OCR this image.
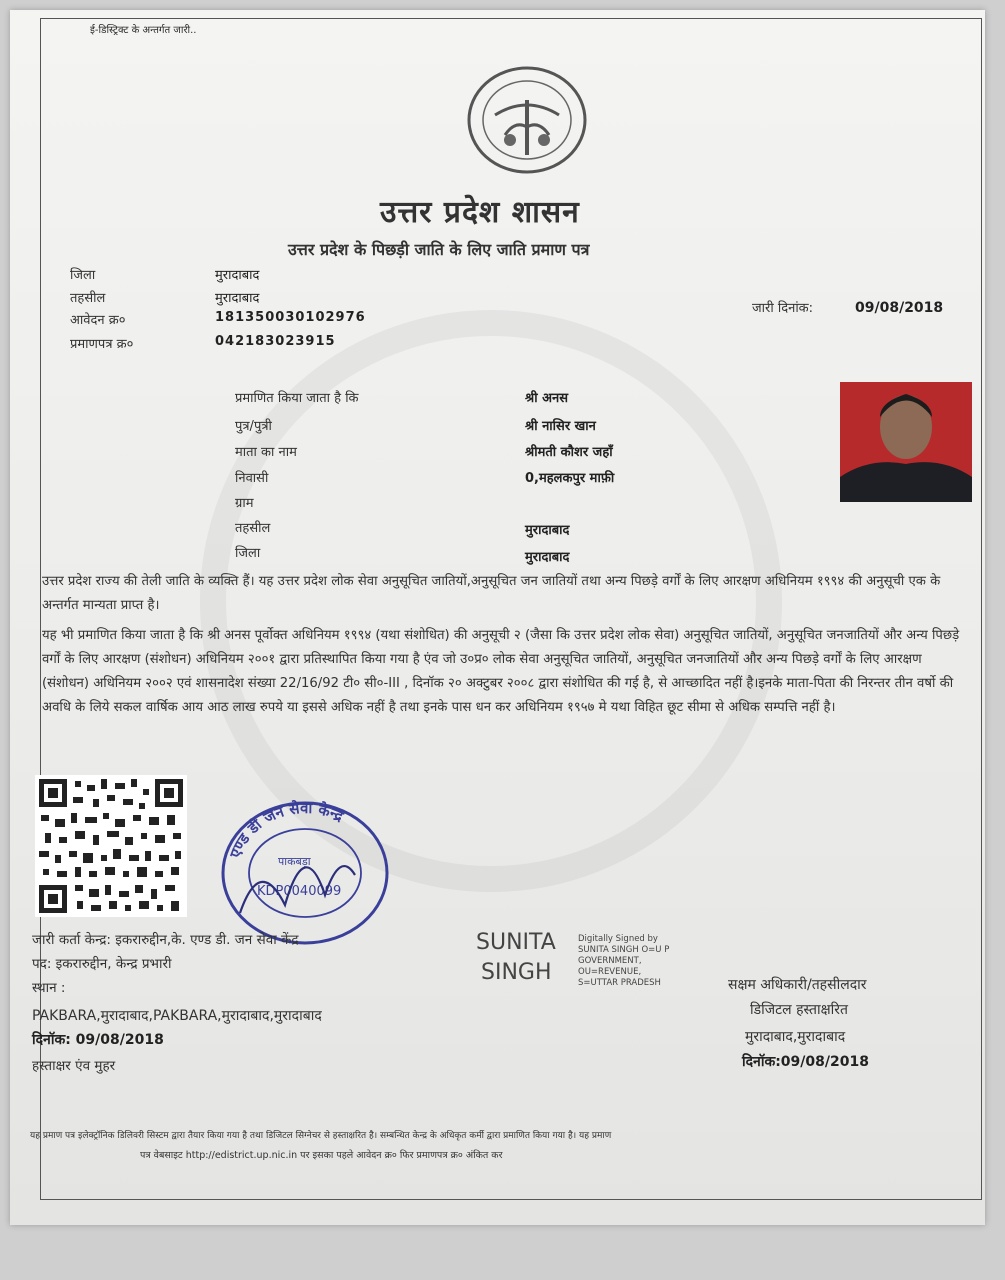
ई-डिस्ट्रिक्ट के अन्तर्गत जारी..
उत्तर प्रदेश शासन
उत्तर प्रदेश के पिछड़ी जाति के लिए जाति प्रमाण पत्र
जिला	मुरादाबाद
तहसील	मुरादाबाद
आवेदन क्र०	181350030102976
प्रमाणपत्र क्र०	042183023915
जारी दिनांक:	09/08/2018
प्रमाणित किया जाता है कि	श्री अनस
पुत्र/पुत्री	श्री नासिर खान
माता का नाम	श्रीमती कौशर जहाँ
निवासी	0,महलकपुर माफ़ी
ग्राम
तहसील	मुरादाबाद
जिला	मुरादाबाद
उत्तर प्रदेश राज्य की तेली जाति के व्यक्ति हैं। यह उत्तर प्रदेश लोक सेवा अनुसूचित जातियों,अनुसूचित जन जातियों तथा अन्य पिछड़े वर्गों के लिए आरक्षण अधिनियम १९९४ की अनुसूची एक के अन्तर्गत मान्यता प्राप्त है।
यह भी प्रमाणित किया जाता है कि श्री अनस पूर्वोक्त अधिनियम १९९४ (यथा संशोधित) की अनुसूची २ (जैसा कि उत्तर प्रदेश लोक सेवा) अनुसूचित जातियों, अनुसूचित जनजातियों और अन्य पिछड़े वर्गों के लिए आरक्षण (संशोधन) अधिनियम २००१ द्वारा प्रतिस्थापित किया गया है एंव जो उ०प्र० लोक सेवा अनुसूचित जातियों, अनुसूचित जनजातियों और अन्य पिछड़े वर्गों के लिए आरक्षण (संशोधन) अधिनियम २००२ एवं शासनादेश संख्या 22/16/92 टी० सी०-III , दिनॉक २० अक्टुबर २००८ द्वारा संशोधित की गई है, से आच्छादित नहीं है।इनके माता-पिता की निरन्तर तीन वर्षो की अवधि के लिये सकल वार्षिक आय आठ लाख रुपये या इससे अधिक नहीं है तथा इनके पास धन कर अधिनियम १९५७ मे यथा विहित छूट सीमा से अधिक सम्पत्ति नहीं है।
एण्ड डी जन सेवा केन्द्र
पाकबड़ा
KDP0040099
जारी कर्ता केन्द्र: इकरारुद्दीन,के. एण्ड डी. जन सेवा केंद्र
पद: इकरारुद्दीन, केन्द्र प्रभारी
स्थान :
PAKBARA,मुरादाबाद,PAKBARA,मुरादाबाद,मुरादाबाद
दिनॉक: 09/08/2018
हस्ताक्षर एंव मुहर
SUNITA
SINGH
Digitally Signed by
SUNITA SINGH O=U P
GOVERNMENT,
OU=REVENUE,
S=UTTAR PRADESH	सक्षम अधिकारी/तहसीलदार
डिजिटल हस्ताक्षरित
मुरादाबाद,मुरादाबाद
दिनॉक:09/08/2018
यह प्रमाण पत्र इलेक्ट्रॉनिक डिलिवरी सिस्टम द्वारा तैयार किया गया है तथा डिजिटल सिग्नेचर से हस्ताक्षरित है। सम्बन्धित केन्द्र के अधिकृत कर्मी द्वारा प्रमाणित किया गया है। यह प्रमाण
पत्र वेबसाइट http://edistrict.up.nic.in पर इसका पहले आवेदन क्र० फिर प्रमाणपत्र क्र० अंकित कर
